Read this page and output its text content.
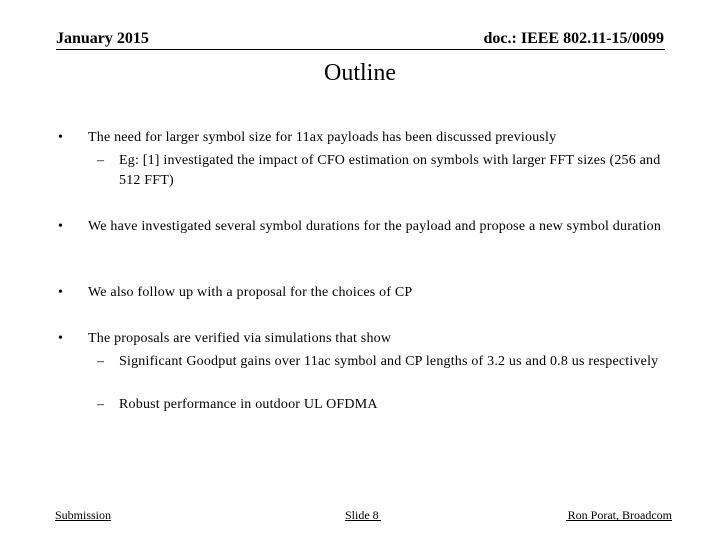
January 2015	doc.: IEEE 802.11-15/0099
Outline
• The need for larger symbol size for 11ax payloads has been discussed previously
– Eg: [1] investigated the impact of CFO estimation on symbols with larger FFT sizes (256 and 512 FFT)
• We have investigated several symbol durations for the payload and propose a new symbol duration
• We also follow up with a proposal for the choices of CP
• The proposals are verified via simulations that show
– Significant Goodput gains over 11ac symbol and CP lengths of 3.2 us and 0.8 us respectively
– Robust performance in outdoor UL OFDMA
Submission	Slide 8	Ron Porat, Broadcom
